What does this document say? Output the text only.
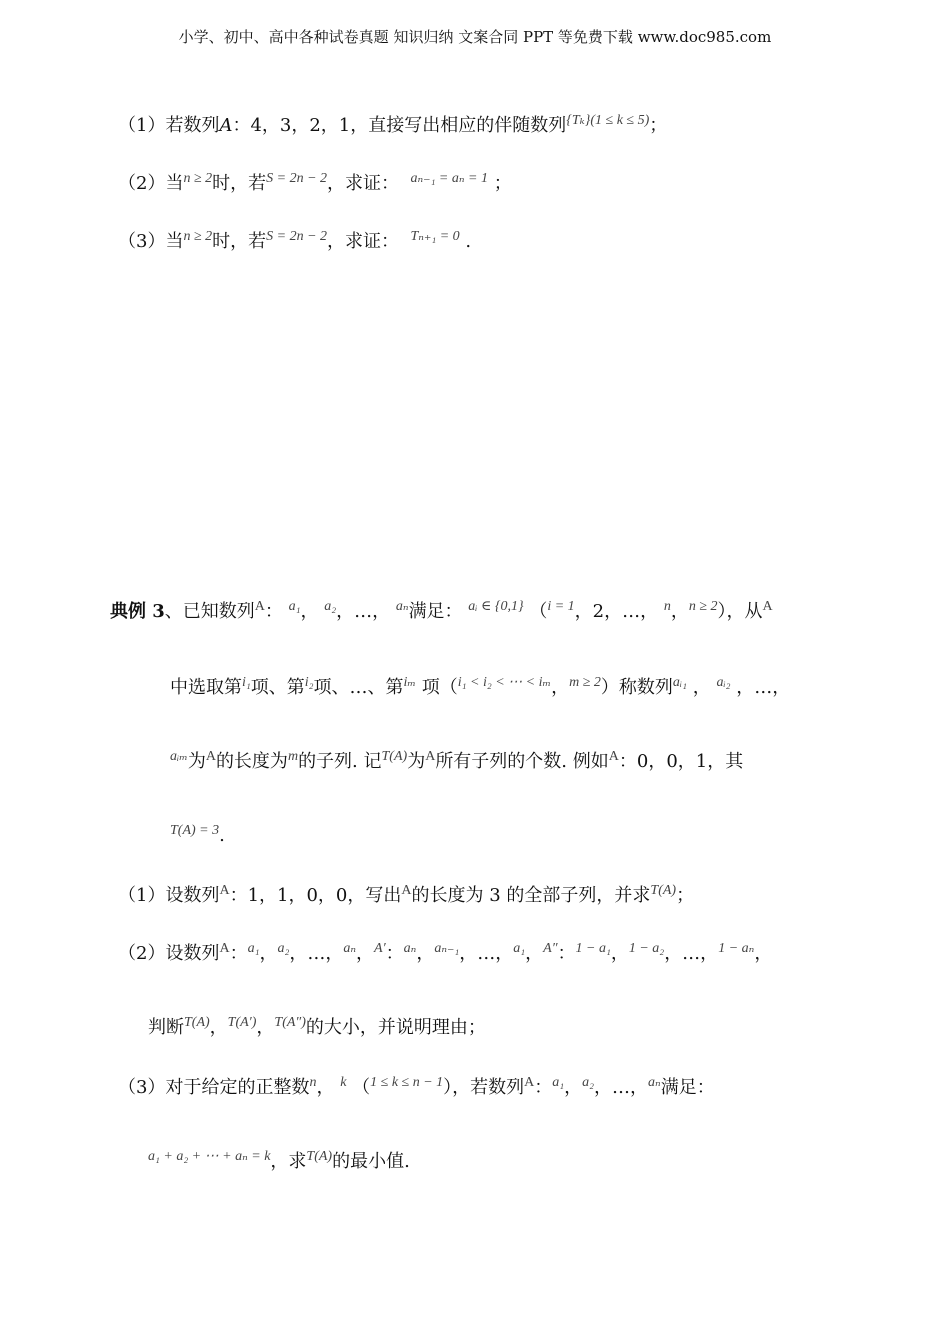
小学、初中、高中各种试卷真题 知识归纳 文案合同 PPT 等免费下载 www.doc985.com
（1）若数列A：4，3，2，1，直接写出相应的伴随数列$^{\{T_k\}(1 \le k \le 5)}$；
（2）当$^{n \ge 2}$时，若$^{S = 2n - 2}$，求证： $^{a_{n-1} = a_n = 1}$ ；
（3）当$^{n \ge 2}$时，若$^{S = 2n - 2}$，求证： $^{T_{n+1} = 0}$ .
典例 3、已知数列$^A$： $^{a_1}$， $^{a_2}$，…， $^{a_n}$满足： $^{aᵢ \in \{0,1\}}$ （$^{i = 1}$，2，…， $^n$，$^{n \ge 2}$），从$^A$
中选取第$^{i_1}$项、第$^{i_2}$项、…、第$^{i_m}$ 项（$^{i_1 < i_2 < \cdots < i_m}$，$^{m \ge 2}$）称数列$^{aᵢ_1}$ ， $^{aᵢ_2}$ ，…，
$^{aᵢ_m}$为$^A$的长度为$^m$的子列. 记$^{T(A)}$为$^A$所有子列的个数. 例如$^A$：0，0，1，其
$^{T(A) = 3}$.
（1）设数列$^A$：1，1，0，0，写出$^A$的长度为 3 的全部子列，并求$^{T(A)}$；
（2）设数列$^A$：$^{a_1}$，$^{a_2}$，…，$^{a_n}$，$^{A'}$：$^{a_n}$，$^{a_{n-1}}$，…，$^{a_1}$，$^{A''}$：$^{1 - a_1}$，$^{1 - a_2}$，…，$^{1 - a_n}$，
判断$^{T(A)}$，$^{T(A')}$，$^{T(A'')}$的大小，并说明理由；
（3）对于给定的正整数$^n$， $^k$ （$^{1 \le k \le n - 1}$），若数列$^A$：$^{a_1}$，$^{a_2}$，…，$^{a_n}$满足：
$^{a_1 + a_2 + \cdots + a_n = k}$，求$^{T(A)}$的最小值.
